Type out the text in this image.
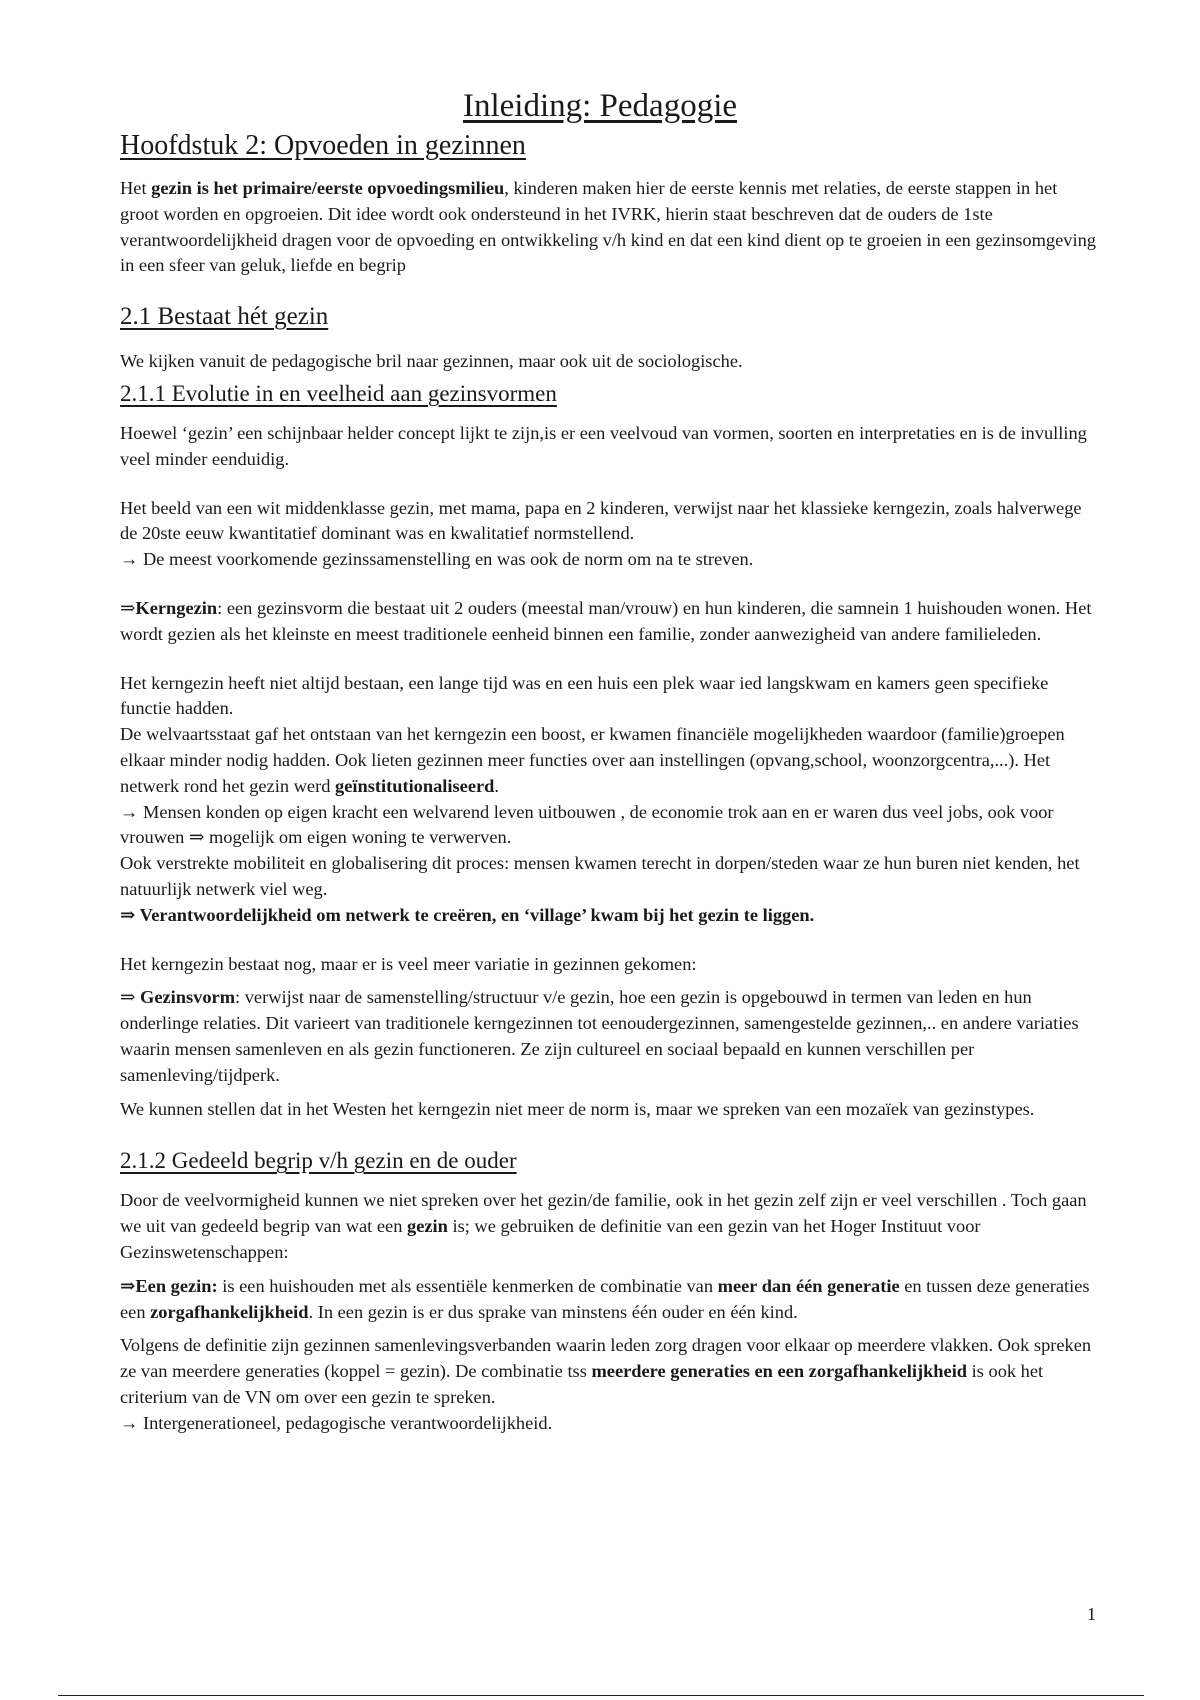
Inleiding: Pedagogie
Hoofdstuk 2: Opvoeden in gezinnen

Het gezin is het primaire/eerste opvoedingsmilieu, kinderen maken hier de eerste kennis met relaties, de eerste stappen in het groot worden en opgroeien. Dit idee wordt ook ondersteund in het IVRK, hierin staat beschreven dat de ouders de 1ste verantwoordelijkheid dragen voor de opvoeding en ontwikkeling v/h kind en dat een kind dient op te groeien in een gezinsomgeving in een sfeer van geluk, liefde en begrip

2.1 Bestaat hét gezin

We kijken vanuit de pedagogische bril naar gezinnen, maar ook uit de sociologische.

2.1.1 Evolutie in en veelheid aan gezinsvormen

Hoewel ‘gezin’ een schijnbaar helder concept lijkt te zijn,is er een veelvoud van vormen, soorten en interpretaties en is de invulling veel minder eenduidig.

Het beeld van een wit middenklasse gezin, met mama, papa en 2 kinderen, verwijst naar het klassieke kerngezin, zoals halverwege de 20ste eeuw kwantitatief dominant was en kwalitatief normstellend.

→ De meest voorkomende gezinssamenstelling en was ook de norm om na te streven.

⇒Kerngezin: een gezinsvorm die bestaat uit 2 ouders (meestal man/vrouw) en hun kinderen, die samnein 1 huishouden wonen. Het wordt gezien als het kleinste en meest traditionele eenheid binnen een familie, zonder aanwezigheid van andere familieleden.

Het kerngezin heeft niet altijd bestaan, een lange tijd was en een huis een plek waar ied langskwam en kamers geen specifieke functie hadden.

De welvaartsstaat gaf het ontstaan van het kerngezin een boost, er kwamen financiële mogelijkheden waardoor (familie)groepen elkaar minder nodig hadden. Ook lieten gezinnen meer functies over aan instellingen (opvang,school, woonzorgcentra,...). Het netwerk rond het gezin werd geïnstitutionaliseerd.

→ Mensen konden op eigen kracht een welvarend leven uitbouwen , de economie trok aan en er waren dus veel jobs, ook voor vrouwen ⇒ mogelijk om eigen woning te verwerven.

Ook verstrekte mobiliteit en globalisering dit proces: mensen kwamen terecht in dorpen/steden waar ze hun buren niet kenden, het natuurlijk netwerk viel weg.

⇒ Verantwoordelijkheid om netwerk te creëren, en ‘village’ kwam bij het gezin te liggen.

Het kerngezin bestaat nog, maar er is veel meer variatie in gezinnen gekomen:

⇒ Gezinsvorm: verwijst naar de samenstelling/structuur v/e gezin, hoe een gezin is opgebouwd in termen van leden en hun onderlinge relaties. Dit varieert van traditionele kerngezinnen tot eenoudergezinnen, samengestelde gezinnen,.. en andere variaties waarin mensen samenleven en als gezin functioneren. Ze zijn cultureel en sociaal bepaald en kunnen verschillen per samenleving/tijdperk.

We kunnen stellen dat in het Westen het kerngezin niet meer de norm is, maar we spreken van een mozaïek van gezinstypes.

2.1.2 Gedeeld begrip v/h gezin en de ouder

Door de veelvormigheid kunnen we niet spreken over het gezin/de familie, ook in het gezin zelf zijn er veel verschillen . Toch gaan we uit van gedeeld begrip van wat een gezin is; we gebruiken de definitie van een gezin van het Hoger Instituut voor Gezinswetenschappen:

⇒Een gezin: is een huishouden met als essentiële kenmerken de combinatie van meer dan één generatie en tussen deze generaties een zorgafhankelijkheid. In een gezin is er dus sprake van minstens één ouder en één kind.

Volgens de definitie zijn gezinnen samenlevingsverbanden waarin leden zorg dragen voor elkaar op meerdere vlakken. Ook spreken ze van meerdere generaties (koppel = gezin). De combinatie tss meerdere generaties en een zorgafhankelijkheid is ook het criterium van de VN om over een gezin te spreken.

→ Intergenerationeel, pedagogische verantwoordelijkheid.

1
